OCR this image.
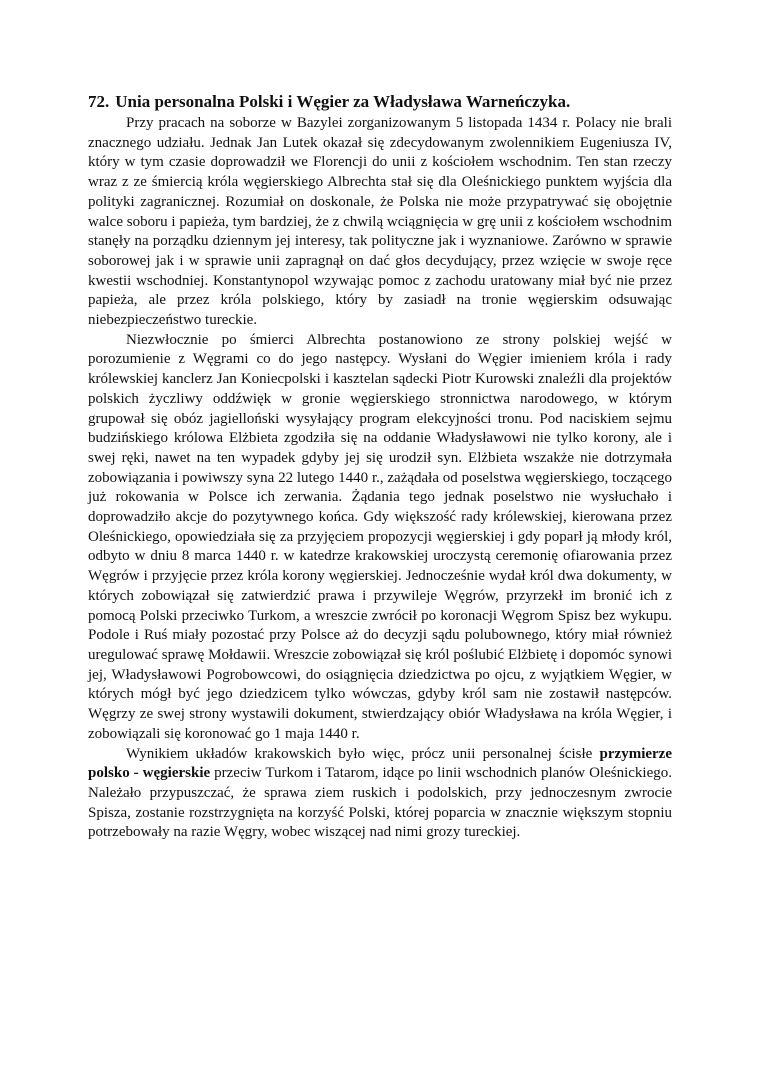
72. Unia personalna Polski i Węgier za Władysława Warneńczyka.

Przy pracach na soborze w Bazylei zorganizowanym 5 listopada 1434 r. Polacy nie brali znacznego udziału. Jednak Jan Lutek okazał się zdecydowanym zwolennikiem Eugeniusza IV, który w tym czasie doprowadził we Florencji do unii z kościołem wschodnim. Ten stan rzeczy wraz z ze śmiercią króla węgierskiego Albrechta stał się dla Oleśnickiego punktem wyjścia dla polityki zagranicznej. Rozumiał on doskonale, że Polska nie może przypatrywać się obojętnie walce soboru i papieża, tym bardziej, że z chwilą wciągnięcia w grę unii z kościołem wschodnim stanęły na porządku dziennym jej interesy, tak polityczne jak i wyznaniowe. Zarówno w sprawie soborowej jak i w sprawie unii zapragnął on dać głos decydujący, przez wzięcie w swoje ręce kwestii wschodniej. Konstantynopol wzywając pomoc z zachodu uratowany miał być nie przez papieża, ale przez króla polskiego, który by zasiadł na tronie węgierskim odsuwając niebezpieczeństwo tureckie.

Niezwłocznie po śmierci Albrechta postanowiono ze strony polskiej wejść w porozumienie z Węgrami co do jego następcy. Wysłani do Węgier imieniem króla i rady królewskiej kanclerz Jan Koniecpolski i kasztelan sądecki Piotr Kurowski znaleźli dla projektów polskich życzliwy oddźwięk w gronie węgierskiego stronnictwa narodowego, w którym grupował się obóz jagielloński wysyłający program elekcyjności tronu. Pod naciskiem sejmu budzińskiego królowa Elżbieta zgodziła się na oddanie Władysławowi nie tylko korony, ale i swej ręki, nawet na ten wypadek gdyby jej się urodził syn. Elżbieta wszakże nie dotrzymała zobowiązania i powiwszy syna 22 lutego 1440 r., zażądała od poselstwa węgierskiego, toczącego już rokowania w Polsce ich zerwania. Żądania tego jednak poselstwo nie wysłuchało i doprowadziło akcje do pozytywnego końca. Gdy większość rady królewskiej, kierowana przez Oleśnickiego, opowiedziała się za przyjęciem propozycji węgierskiej i gdy poparł ją młody król, odbyto w dniu 8 marca 1440 r. w katedrze krakowskiej uroczystą ceremonię ofiarowania przez Węgrów i przyjęcie przez króla korony węgierskiej. Jednocześnie wydał król dwa dokumenty, w których zobowiązał się zatwierdzić prawa i przywileje Węgrów, przyrzekł im bronić ich z pomocą Polski przeciwko Turkom, a wreszcie zwrócił po koronacji Węgrom Spisz bez wykupu. Podole i Ruś miały pozostać przy Polsce aż do decyzji sądu polubownego, który miał również uregulować sprawę Mołdawii. Wreszcie zobowiązał się król poślubić Elżbietę i dopomóc synowi jej, Władysławowi Pogrobowcowi, do osiągnięcia dziedzictwa po ojcu, z wyjątkiem Węgier, w których mógł być jego dziedzicem tylko wówczas, gdyby król sam nie zostawił następców. Węgrzy ze swej strony wystawili dokument, stwierdzający obiór Władysława na króla Węgier, i zobowiązali się koronować go 1 maja 1440 r.

Wynikiem układów krakowskich było więc, prócz unii personalnej ścisłe przymierze polsko - węgierskie przeciw Turkom i Tatarom, idące po linii wschodnich planów Oleśnickiego. Należało przypuszczać, że sprawa ziem ruskich i podolskich, przy jednoczesnym zwrocie Spisza, zostanie rozstrzygnięta na korzyść Polski, której poparcia w znacznie większym stopniu potrzebowały na razie Węgry, wobec wiszącej nad nimi grozy tureckiej.
